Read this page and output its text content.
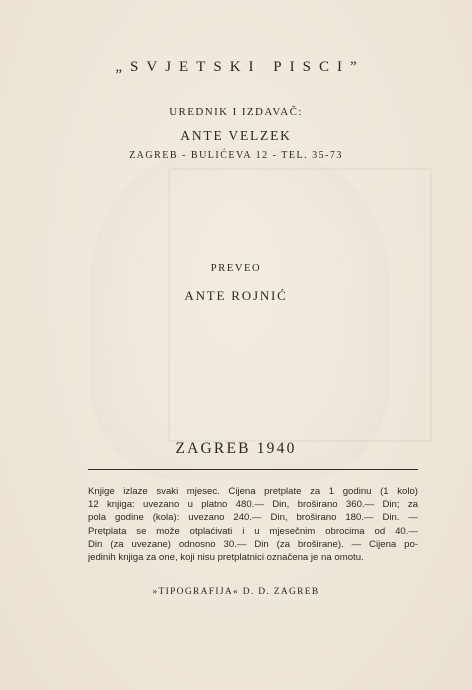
„SVJETSKI PISCI”
UREDNIK I IZDAVAČ:
ANTE VELZEK
ZAGREB - BULIĆEVA 12 - TEL. 35-73
PREVEO
ANTE ROJNIĆ
ZAGREB 1940
Knjige izlaze svaki mjesec. Cijena pretplate za 1 godinu (1 kolo)
12 knjiga: uvezano u platno 480.— Din, broširano 360.— Din; za
pola godine (kola): uvezano 240.— Din, broširano 180.— Din. —
Pretplata se može otplaćivati i u mjesečnim obrocima od 40.—
Din (za uvezane) odnosno 30.— Din (za broširane). — Cijena po-
jedinih knjiga za one, koji nisu pretplatnici označena je na omotu.
»TIPOGRAFIJA« D. D. ZAGREB
